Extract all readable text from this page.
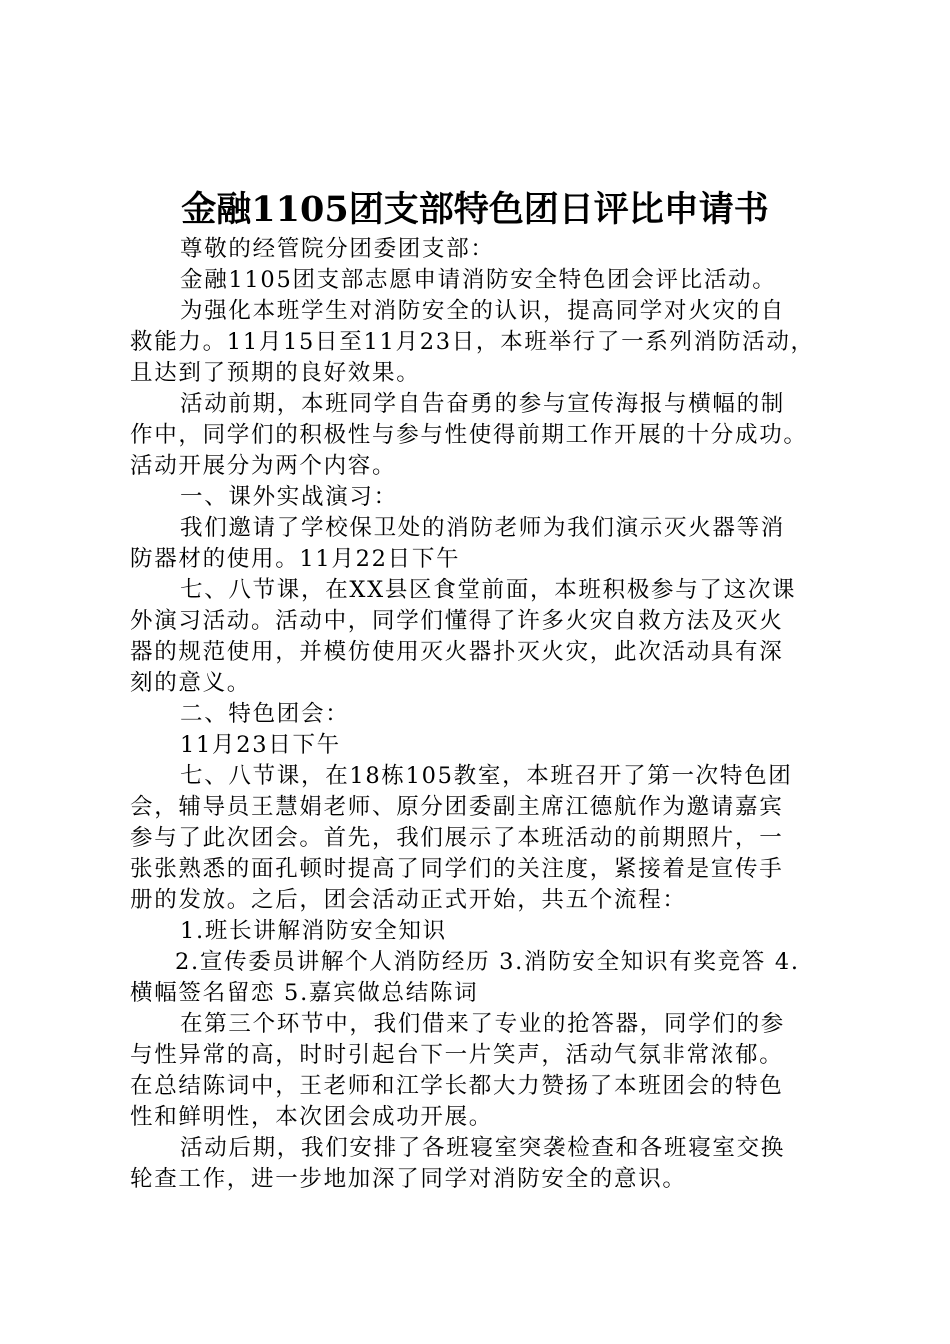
金融1105团支部特色团日评比申请书
尊敬的经管院分团委团支部：
金融1105团支部志愿申请消防安全特色团会评比活动。
为强化本班学生对消防安全的认识，提高同学对火灾的自
救能力。11月15日至11月23日，本班举行了一系列消防活动，
且达到了预期的良好效果。
活动前期，本班同学自告奋勇的参与宣传海报与横幅的制
作中，同学们的积极性与参与性使得前期工作开展的十分成功。
活动开展分为两个内容。
一、课外实战演习：
我们邀请了学校保卫处的消防老师为我们演示灭火器等消
防器材的使用。11月22日下午
七、八节课，在XX县区食堂前面，本班积极参与了这次课
外演习活动。活动中，同学们懂得了许多火灾自救方法及灭火
器的规范使用，并模仿使用灭火器扑灭火灾，此次活动具有深
刻的意义。
二、特色团会：
11月23日下午
七、八节课，在18栋105教室，本班召开了第一次特色团
会，辅导员王慧娟老师、原分团委副主席江德航作为邀请嘉宾
参与了此次团会。首先，我们展示了本班活动的前期照片，一
张张熟悉的面孔顿时提高了同学们的关注度，紧接着是宣传手
册的发放。之后，团会活动正式开始，共五个流程：
1.班长讲解消防安全知识
2.宣传委员讲解个人消防经历 3.消防安全知识有奖竞答 4.
横幅签名留恋 5.嘉宾做总结陈词
在第三个环节中，我们借来了专业的抢答器，同学们的参
与性异常的高，时时引起台下一片笑声，活动气氛非常浓郁。
在总结陈词中，王老师和江学长都大力赞扬了本班团会的特色
性和鲜明性，本次团会成功开展。
活动后期，我们安排了各班寝室突袭检查和各班寝室交换
轮查工作，进一步地加深了同学对消防安全的意识。
